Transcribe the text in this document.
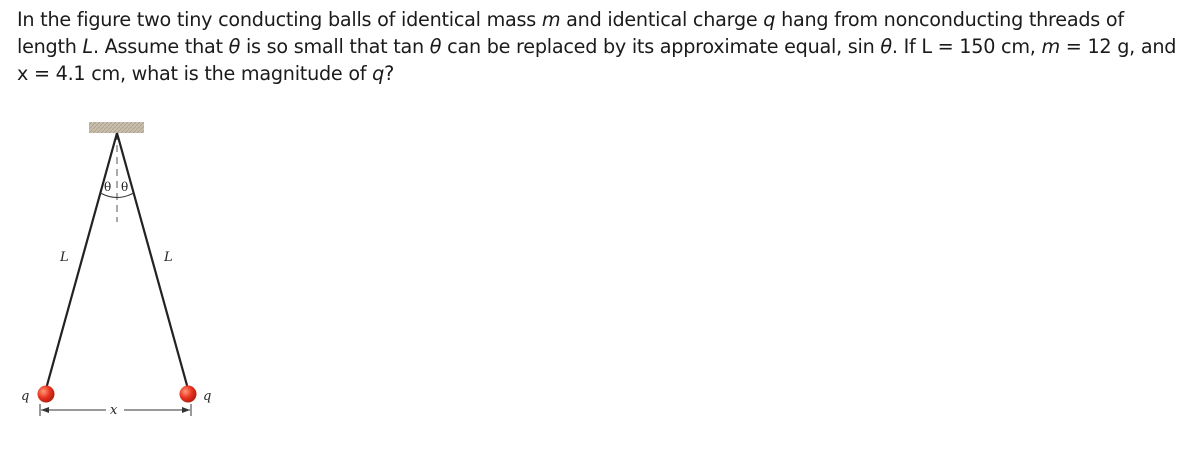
In the figure two tiny conducting balls of identical mass m and identical charge q hang from nonconducting threads of length L. Assume that θ is so small that tan θ can be replaced by its approximate equal, sin θ. If L = 150 cm, m = 12 g, and x = 4.1 cm, what is the magnitude of q?

θ θ
L	L
q	q
x
